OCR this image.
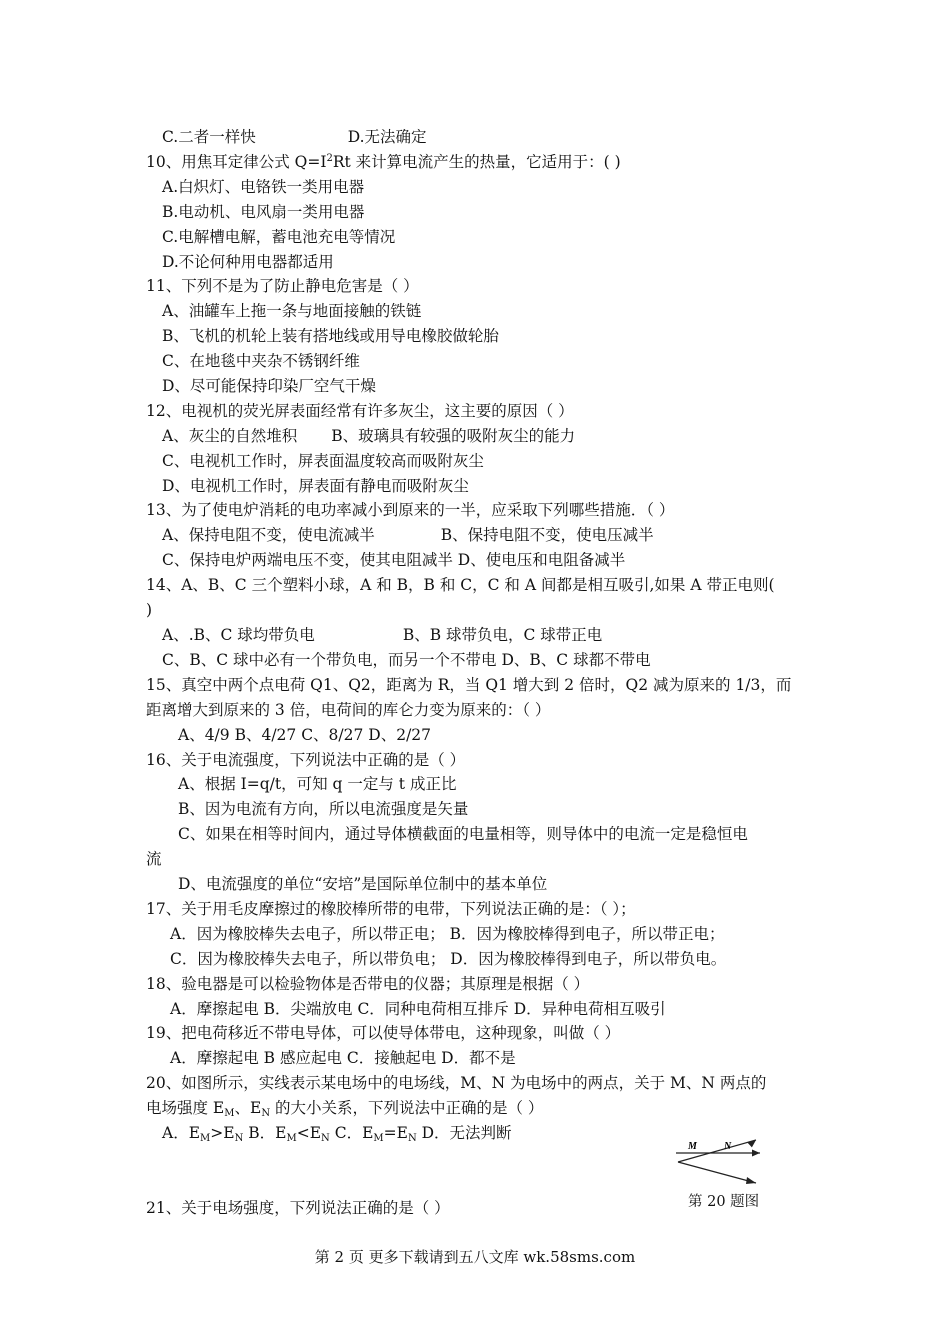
C.二者一样快	D.无法确定
10、用焦耳定律公式 $Q=I^2Rt$ 来计算电流产生的热量，它适用于：( )
A.白炽灯、电铬铁一类用电器
B.电动机、电风扇一类用电器
C.电解槽电解，蓄电池充电等情况
D.不论何种用电器都适用
11、下列不是为了防止静电危害是（ ）
A、油罐车上拖一条与地面接触的铁链
B、飞机的机轮上装有搭地线或用导电橡胶做轮胎
C、在地毯中夹杂不锈钢纤维
D、尽可能保持印染厂空气干燥
12、电视机的荧光屏表面经常有许多灰尘，这主要的原因（ ）
A、灰尘的自然堆积 B、玻璃具有较强的吸附灰尘的能力
C、电视机工作时，屏表面温度较高而吸附灰尘
D、电视机工作时，屏表面有静电而吸附灰尘
13、为了使电炉消耗的电功率减小到原来的一半，应采取下列哪些措施．（ ）
A、保持电阻不变，使电流减半	B、保持电阻不变，使电压减半
C、保持电炉两端电压不变，使其电阻减半 D、使电压和电阻备减半
14、A、B、C 三个塑料小球，A 和 B，B 和 C，C 和 A 间都是相互吸引,如果 A 带正电则(
)
A、.B、C 球均带负电	B、B 球带负电，C 球带正电
C、B、C 球中必有一个带负电，而另一个不带电 D、B、C 球都不带电
15、真空中两个点电荷 Q1、Q2，距离为 R，当 Q1 增大到 2 倍时，Q2 减为原来的 1/3，而
距离增大到原来的 3 倍，电荷间的库仑力变为原来的：（ ）
A、4/9 B、4/27 C、8/27 D、2/27
16、关于电流强度，下列说法中正确的是（ ）
A、根据 I=q/t，可知 q 一定与 t 成正比
B、因为电流有方向，所以电流强度是矢量
C、如果在相等时间内，通过导体横截面的电量相等，则导体中的电流一定是稳恒电
流
D、电流强度的单位“安培”是国际单位制中的基本单位
17、关于用毛皮摩擦过的橡胶棒所带的电带，下列说法正确的是：（ ）；
A．因为橡胶棒失去电子，所以带正电； B．因为橡胶棒得到电子，所以带正电；
C．因为橡胶棒失去电子，所以带负电； D．因为橡胶棒得到电子，所以带负电。
18、验电器是可以检验物体是否带电的仪器；其原理是根据（ ）
A．摩擦起电 B．尖端放电 C．同种电荷相互排斥 D．异种电荷相互吸引
19、把电荷移近不带电导体，可以使导体带电，这种现象，叫做（ ）
A．摩擦起电 B 感应起电 C．接触起电 D．都不是
20、如图所示，实线表示某电场中的电场线，M、N 为电场中的两点，关于 M、N 两点的
电场强度 $E_M$、$E_N$ 的大小关系，下列说法中正确的是（ ）
A．$E_M>E_N$ B．$E_M<E_N$ C．$E_M=E_N$ D．无法判断
M	N
第 20 题图
21、关于电场强度，下列说法正确的是（ ）
第 2 页 更多下载请到五八文库 wk.58sms.com
